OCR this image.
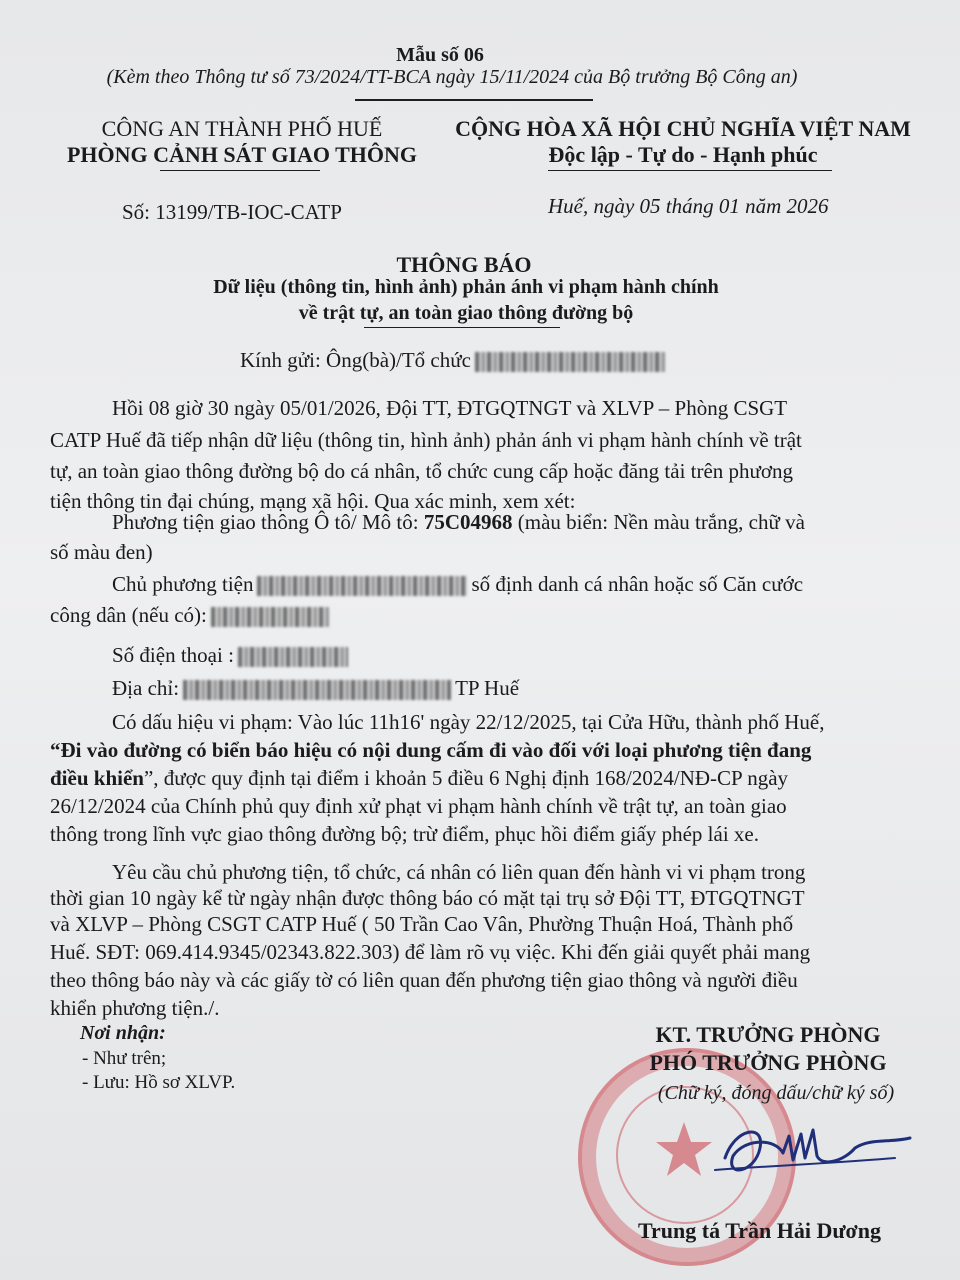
Mẫu số 06
(Kèm theo Thông tư số 73/2024/TT-BCA ngày 15/11/2024 của Bộ trưởng Bộ Công an)
CÔNG AN THÀNH PHỐ HUẾ
PHÒNG CẢNH SÁT GIAO THÔNG
CỘNG HÒA XÃ HỘI CHỦ NGHĨA VIỆT NAM
Độc lập - Tự do - Hạnh phúc
Số: 13199/TB-IOC-CATP	Huế, ngày 05 tháng 01 năm 2026
THÔNG BÁO
Dữ liệu (thông tin, hình ảnh) phản ánh vi phạm hành chính
về trật tự, an toàn giao thông đường bộ
Kính gửi: Ông(bà)/Tổ chức
Hồi 08 giờ 30 ngày 05/01/2026, Đội TT, ĐTGQTNGT và XLVP – Phòng CSGT
CATP Huế đã tiếp nhận dữ liệu (thông tin, hình ảnh) phản ánh vi phạm hành chính về trật
tự, an toàn giao thông đường bộ do cá nhân, tổ chức cung cấp hoặc đăng tải trên phương
tiện thông tin đại chúng, mạng xã hội. Qua xác minh, xem xét:
Phương tiện giao thông Ô tô/ Mô tô: 75C04968 (màu biển: Nền màu trắng, chữ và
số màu đen)
Chủ phương tiện	số định danh cá nhân hoặc số Căn cước
công dân (nếu có):
Số điện thoại :
Địa chỉ:	TP Huế
Có dấu hiệu vi phạm: Vào lúc 11h16' ngày 22/12/2025, tại Cửa Hữu, thành phố Huế,
“Đi vào đường có biển báo hiệu có nội dung cấm đi vào đối với loại phương tiện đang
điều khiển”, được quy định tại điểm i khoản 5 điều 6 Nghị định 168/2024/NĐ-CP ngày
26/12/2024 của Chính phủ quy định xử phạt vi phạm hành chính về trật tự, an toàn giao
thông trong lĩnh vực giao thông đường bộ; trừ điểm, phục hồi điểm giấy phép lái xe.
Yêu cầu chủ phương tiện, tổ chức, cá nhân có liên quan đến hành vi vi phạm trong
thời gian 10 ngày kể từ ngày nhận được thông báo có mặt tại trụ sở Đội TT, ĐTGQTNGT
và XLVP – Phòng CSGT CATP Huế ( 50 Trần Cao Vân, Phường Thuận Hoá, Thành phố
Huế. SĐT: 069.414.9345/02343.822.303) để làm rõ vụ việc. Khi đến giải quyết phải mang
theo thông báo này và các giấy tờ có liên quan đến phương tiện giao thông và người điều
khiển phương tiện./.
Nơi nhận:
- Như trên;
- Lưu: Hồ sơ XLVP.
KT. TRƯỞNG PHÒNG
PHÓ TRƯỞNG PHÒNG
(Chữ ký, đóng dấu/chữ ký số)
Trung tá Trần Hải Dương
